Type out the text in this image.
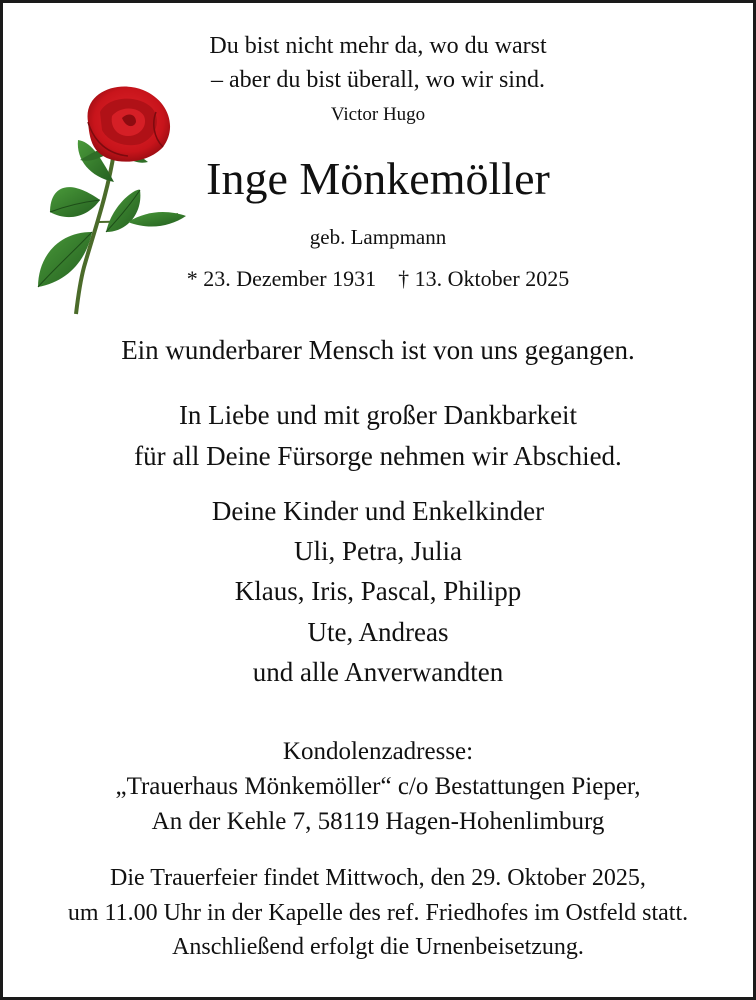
Du bist nicht mehr da, wo du warst
– aber du bist überall, wo wir sind.
Victor Hugo
Inge Mönkemöller
geb. Lampmann
* 23. Dezember 1931 † 13. Oktober 2025
Ein wunderbarer Mensch ist von uns gegangen.
In Liebe und mit großer Dankbarkeit
für all Deine Fürsorge nehmen wir Abschied.
Deine Kinder und Enkelkinder
Uli, Petra, Julia
Klaus, Iris, Pascal, Philipp
Ute, Andreas
und alle Anverwandten
Kondolenzadresse:
„Trauerhaus Mönkemöller“ c/o Bestattungen Pieper,
An der Kehle 7, 58119 Hagen-Hohenlimburg
Die Trauerfeier findet Mittwoch, den 29. Oktober 2025,
um 11.00 Uhr in der Kapelle des ref. Friedhofes im Ostfeld statt.
Anschließend erfolgt die Urnenbeisetzung.
